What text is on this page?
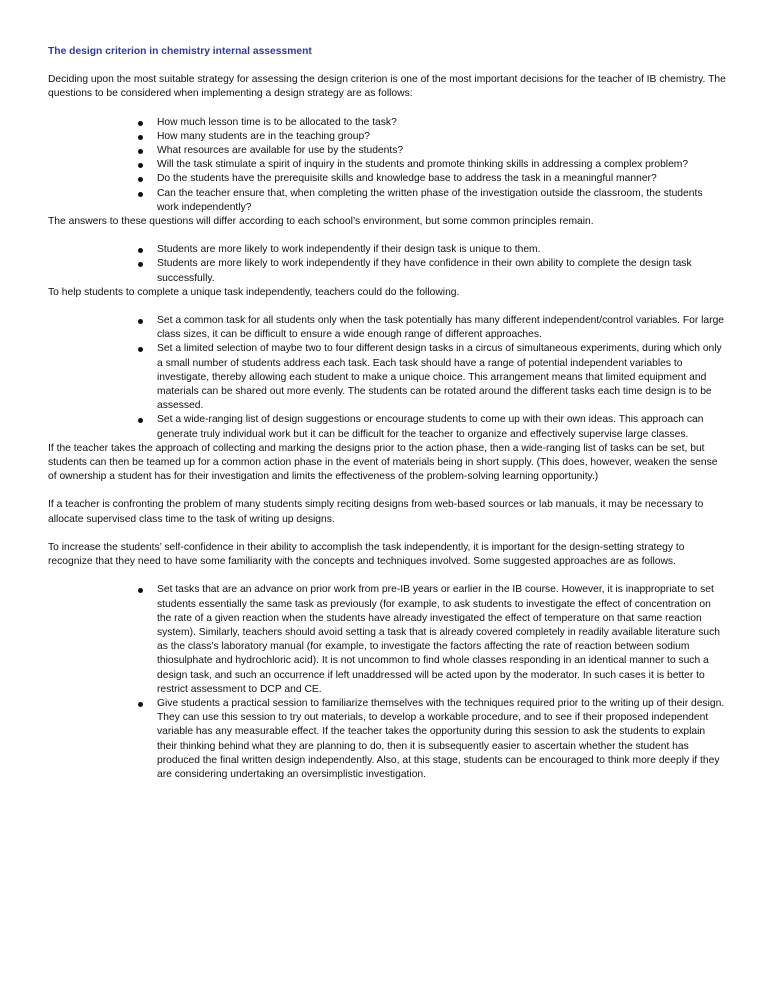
The design criterion in chemistry internal assessment

Deciding upon the most suitable strategy for assessing the design criterion is one of the most important decisions for the teacher of IB chemistry. The questions to be considered when implementing a design strategy are as follows:

How much lesson time is to be allocated to the task?
How many students are in the teaching group?
What resources are available for use by the students?
Will the task stimulate a spirit of inquiry in the students and promote thinking skills in addressing a complex problem?
Do the students have the prerequisite skills and knowledge base to address the task in a meaningful manner?
Can the teacher ensure that, when completing the written phase of the investigation outside the classroom, the students work independently?

The answers to these questions will differ according to each school’s environment, but some common principles remain.

Students are more likely to work independently if their design task is unique to them.
Students are more likely to work independently if they have confidence in their own ability to complete the design task successfully.

To help students to complete a unique task independently, teachers could do the following.

Set a common task for all students only when the task potentially has many different independent/control variables. For large class sizes, it can be difficult to ensure a wide enough range of different approaches.
Set a limited selection of maybe two to four different design tasks in a circus of simultaneous experiments, during which only a small number of students address each task. Each task should have a range of potential independent variables to investigate, thereby allowing each student to make a unique choice. This arrangement means that limited equipment and materials can be shared out more evenly. The students can be rotated around the different tasks each time design is to be assessed.
Set a wide-ranging list of design suggestions or encourage students to come up with their own ideas. This approach can generate truly individual work but it can be difficult for the teacher to organize and effectively supervise large classes.

If the teacher takes the approach of collecting and marking the designs prior to the action phase, then a wide-ranging list of tasks can be set, but students can then be teamed up for a common action phase in the event of materials being in short supply. (This does, however, weaken the sense of ownership a student has for their investigation and limits the effectiveness of the problem-solving learning opportunity.)

If a teacher is confronting the problem of many students simply reciting designs from web-based sources or lab manuals, it may be necessary to allocate supervised class time to the task of writing up designs.

To increase the students’ self-confidence in their ability to accomplish the task independently, it is important for the design-setting strategy to recognize that they need to have some familiarity with the concepts and techniques involved. Some suggested approaches are as follows.

Set tasks that are an advance on prior work from pre-IB years or earlier in the IB course. However, it is inappropriate to set students essentially the same task as previously (for example, to ask students to investigate the effect of concentration on the rate of a given reaction when the students have already investigated the effect of temperature on that same reaction system). Similarly, teachers should avoid setting a task that is already covered completely in readily available literature such as the class’s laboratory manual (for example, to investigate the factors affecting the rate of reaction between sodium thiosulphate and hydrochloric acid). It is not uncommon to find whole classes responding in an identical manner to such a design task, and such an occurrence if left unaddressed will be acted upon by the moderator. In such cases it is better to restrict assessment to DCP and CE.
Give students a practical session to familiarize themselves with the techniques required prior to the writing up of their design. They can use this session to try out materials, to develop a workable procedure, and to see if their proposed independent variable has any measurable effect. If the teacher takes the opportunity during this session to ask the students to explain their thinking behind what they are planning to do, then it is subsequently easier to ascertain whether the student has produced the final written design independently. Also, at this stage, students can be encouraged to think more deeply if they are considering undertaking an oversimplistic investigation.
